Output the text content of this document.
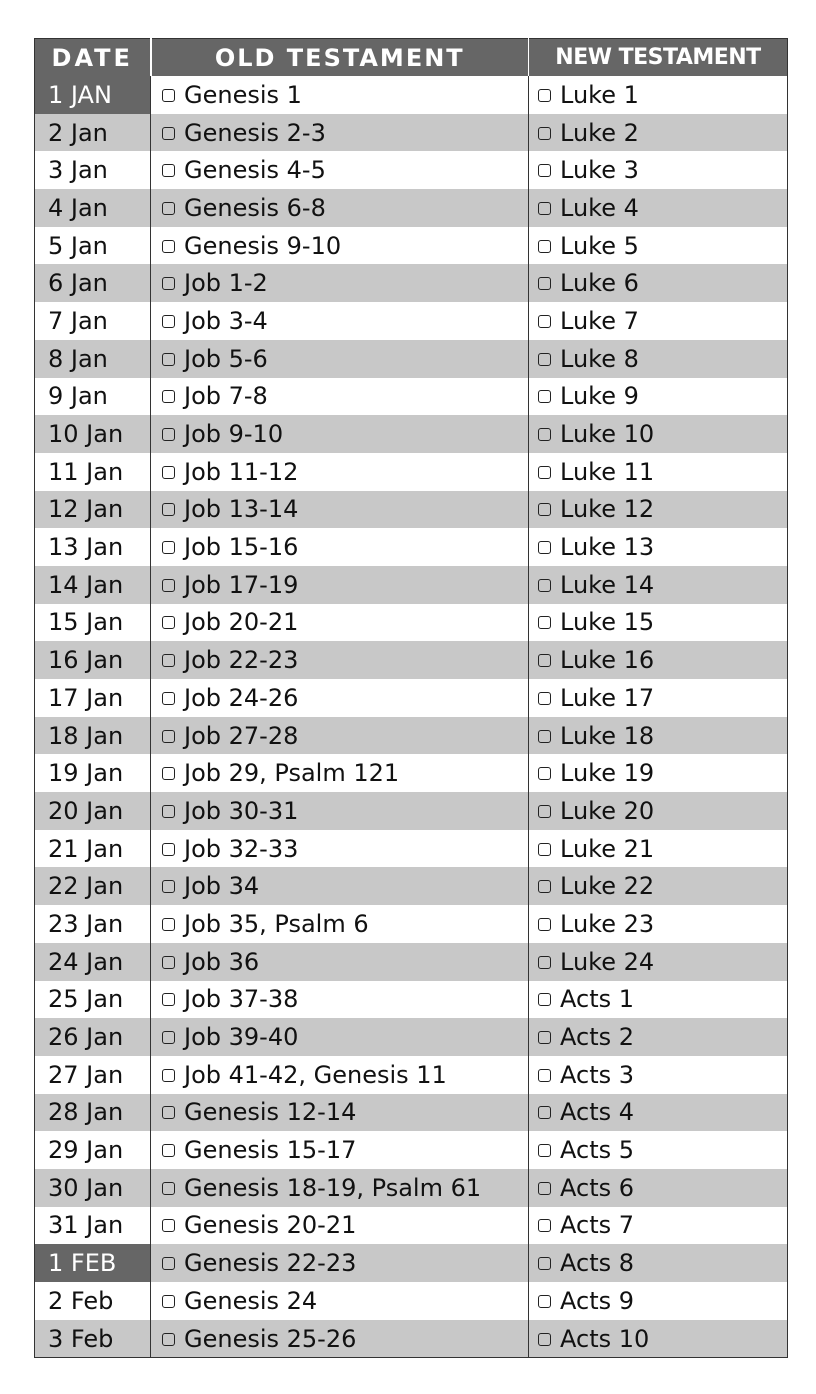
DATE	OLD TESTAMENT	NEW TESTAMENT
1 JAN	Genesis 1	Luke 1
2 Jan	Genesis 2-3	Luke 2
3 Jan	Genesis 4-5	Luke 3
4 Jan	Genesis 6-8	Luke 4
5 Jan	Genesis 9-10	Luke 5
6 Jan	Job 1-2	Luke 6
7 Jan	Job 3-4	Luke 7
8 Jan	Job 5-6	Luke 8
9 Jan	Job 7-8	Luke 9
10 Jan	Job 9-10	Luke 10
11 Jan	Job 11-12	Luke 11
12 Jan	Job 13-14	Luke 12
13 Jan	Job 15-16	Luke 13
14 Jan	Job 17-19	Luke 14
15 Jan	Job 20-21	Luke 15
16 Jan	Job 22-23	Luke 16
17 Jan	Job 24-26	Luke 17
18 Jan	Job 27-28	Luke 18
19 Jan	Job 29, Psalm 121	Luke 19
20 Jan	Job 30-31	Luke 20
21 Jan	Job 32-33	Luke 21
22 Jan	Job 34	Luke 22
23 Jan	Job 35, Psalm 6	Luke 23
24 Jan	Job 36	Luke 24
25 Jan	Job 37-38	Acts 1
26 Jan	Job 39-40	Acts 2
27 Jan	Job 41-42, Genesis 11	Acts 3
28 Jan	Genesis 12-14	Acts 4
29 Jan	Genesis 15-17	Acts 5
30 Jan	Genesis 18-19, Psalm 61	Acts 6
31 Jan	Genesis 20-21	Acts 7
1 FEB	Genesis 22-23	Acts 8
2 Feb	Genesis 24	Acts 9
3 Feb	Genesis 25-26	Acts 10
